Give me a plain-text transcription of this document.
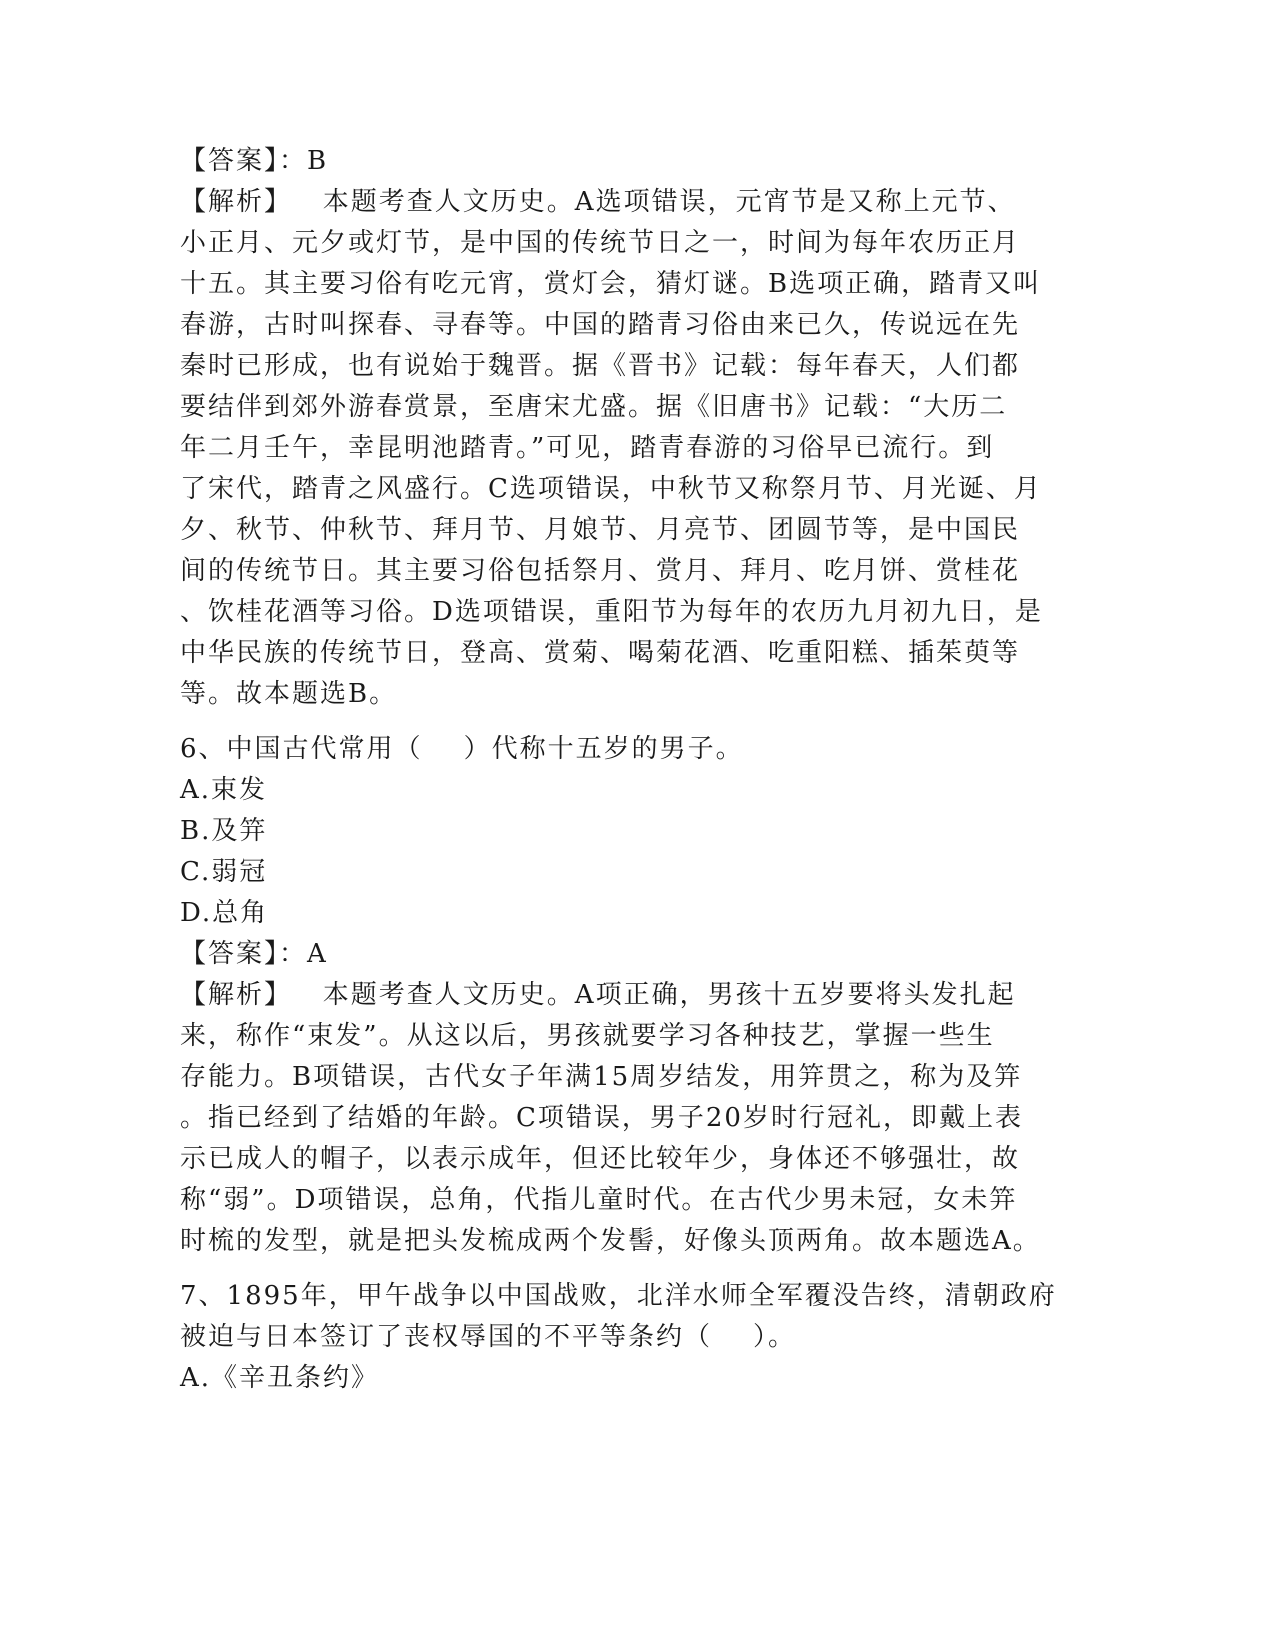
【答案】：B
【解析】   本题考查人文历史。A选项错误，元宵节是又称上元节、
小正月、元夕或灯节，是中国的传统节日之一，时间为每年农历正月
十五。其主要习俗有吃元宵，赏灯会，猜灯谜。B选项正确，踏青又叫
春游，古时叫探春、寻春等。中国的踏青习俗由来已久，传说远在先
秦时已形成，也有说始于魏晋。据《晋书》记载：每年春天，人们都
要结伴到郊外游春赏景，至唐宋尤盛。据《旧唐书》记载：“大历二
年二月壬午，幸昆明池踏青。”可见，踏青春游的习俗早已流行。到
了宋代，踏青之风盛行。C选项错误，中秋节又称祭月节、月光诞、月
夕、秋节、仲秋节、拜月节、月娘节、月亮节、团圆节等，是中国民
间的传统节日。其主要习俗包括祭月、赏月、拜月、吃月饼、赏桂花
、饮桂花酒等习俗。D选项错误，重阳节为每年的农历九月初九日，是
中华民族的传统节日，登高、赏菊、喝菊花酒、吃重阳糕、插茱萸等
等。故本题选B。
6、中国古代常用（    ）代称十五岁的男子。
A.束发
B.及笄
C.弱冠
D.总角
【答案】：A
【解析】   本题考查人文历史。A项正确，男孩十五岁要将头发扎起
来，称作“束发”。从这以后，男孩就要学习各种技艺，掌握一些生
存能力。B项错误，古代女子年满15周岁结发，用笄贯之，称为及笄
。指已经到了结婚的年龄。C项错误，男子20岁时行冠礼，即戴上表
示已成人的帽子，以表示成年，但还比较年少，身体还不够强壮，故
称“弱”。D项错误，总角，代指儿童时代。在古代少男未冠，女未笄
时梳的发型，就是把头发梳成两个发髻，好像头顶两角。故本题选A。
7、1895年，甲午战争以中国战败，北洋水师全军覆没告终，清朝政府
被迫与日本签订了丧权辱国的不平等条约（    ）。
A.《辛丑条约》
